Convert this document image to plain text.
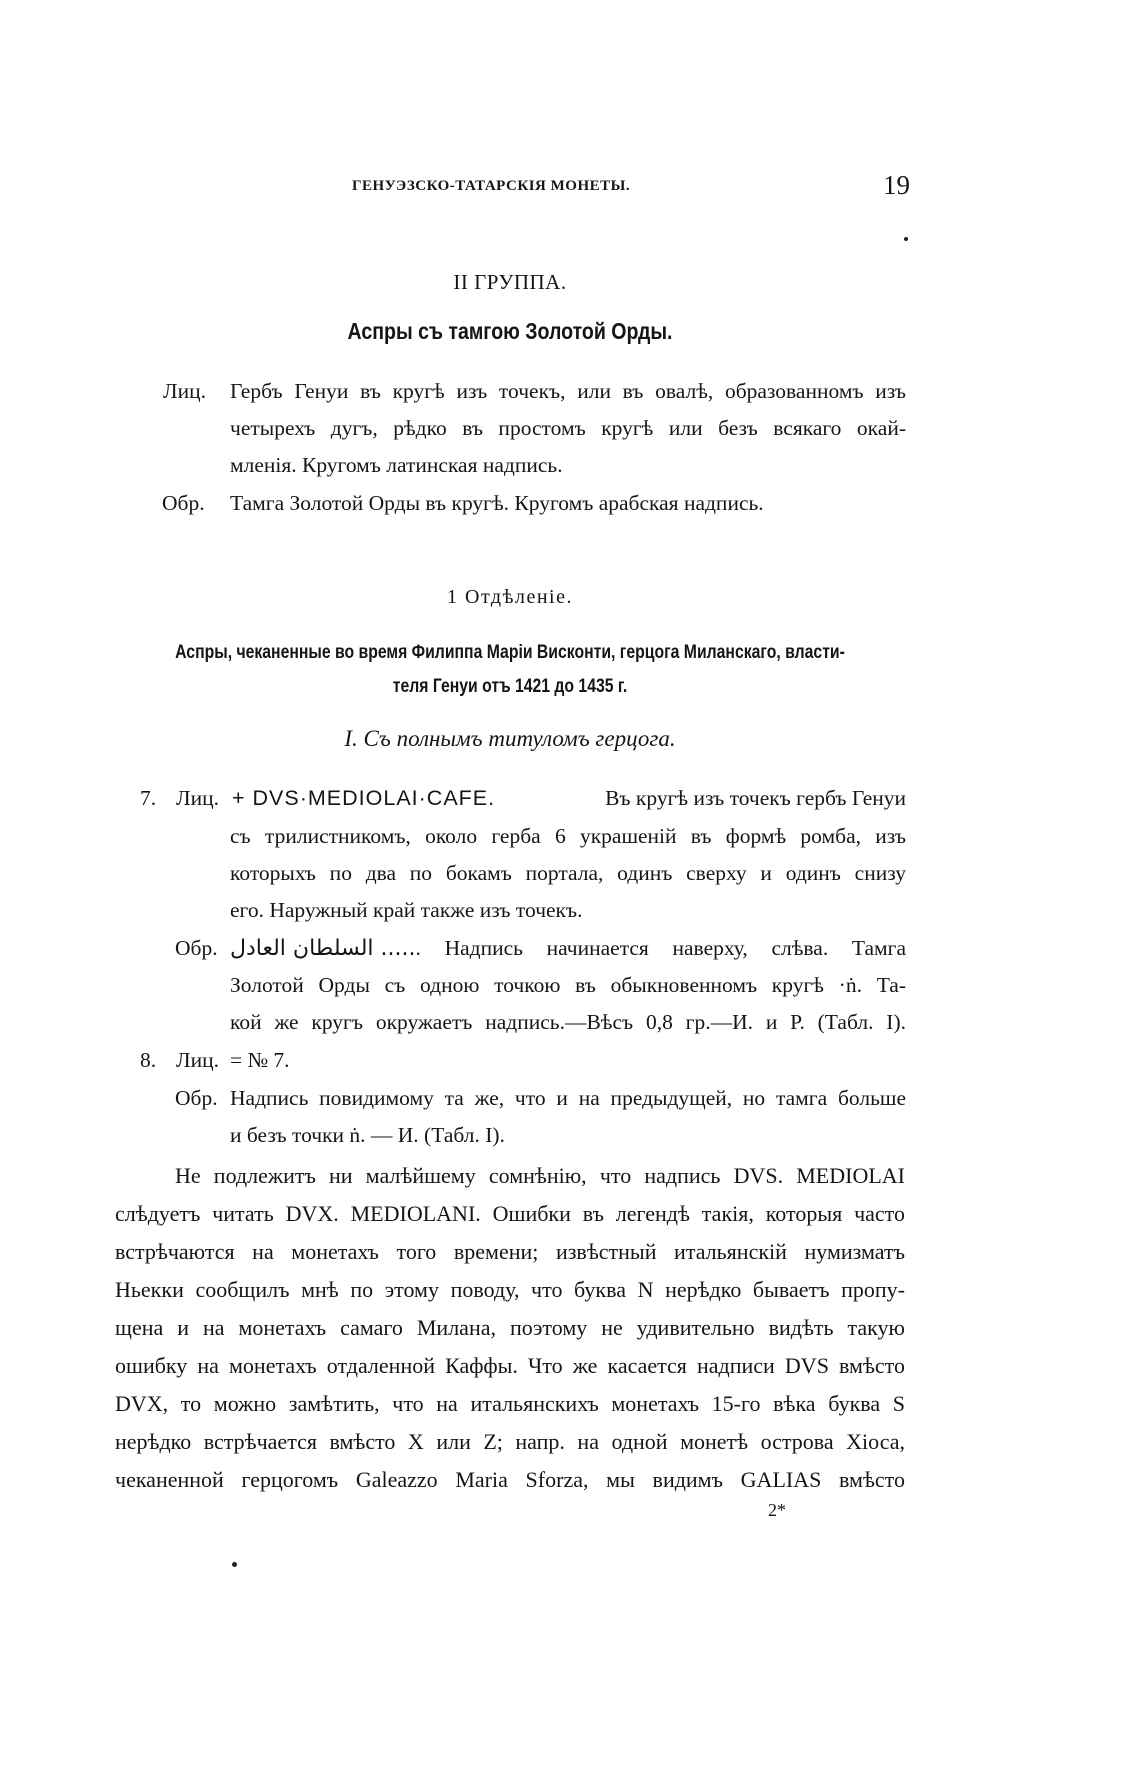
ГЕНУЭЗСКО-ТАТАРСКІЯ МОНЕТЫ.	19
II ГРУППА.
Аспры съ тамгою Золотой Орды.
Лиц. Гербъ Генуи въ кругѣ изъ точекъ, или въ овалѣ, образованномъ изъ
четырехъ дугъ, рѣдко въ простомъ кругѣ или безъ всякаго окай-
мленія. Кругомъ латинская надпись.
Обр. Тамга Золотой Орды въ кругѣ. Кругомъ арабская надпись.
1 Отдѣленіе.
Аспры, чеканенные во время Филиппа Маріи Висконти, герцога Миланскаго, власти-
теля Генуи отъ 1421 до 1435 г.
I. Съ полнымъ титуломъ герцога.
7. Лиц. + DVS·MEDIOLAI·CAFE.	Въ кругѣ изъ точекъ гербъ Генуи
съ трилистникомъ, около герба 6 украшеній въ формѣ ромба, изъ
которыхъ по два по бокамъ портала, одинъ сверху и одинъ снизу
его. Наружный край также изъ точекъ.
Обр. ..... السلطان العادل . Надпись начинается наверху, слѣва. Тамга
Золотой Орды съ одною точкою въ обыкновенномъ кругѣ ·ṅ. Та-
кой же кругъ окружаетъ надпись.—Вѣсъ 0,8 гр.—И. и Р. (Табл. I).
8. Лиц. = № 7.
Обр. Надпись повидимому та же, что и на предыдущей, но тамга больше
и безъ точки ṅ. — И. (Табл. I).
Не подлежитъ ни малѣйшему сомнѣнію, что надпись DVS. MEDIOLAI
слѣдуетъ читать DVX. MEDIOLANI. Ошибки въ легендѣ такія, которыя часто
встрѣчаются на монетахъ того времени; извѣстный итальянскій нумизматъ
Ньекки сообщилъ мнѣ по этому поводу, что буква N нерѣдко бываетъ пропу-
щена и на монетахъ самаго Милана, поэтому не удивительно видѣть такую
ошибку на монетахъ отдаленной Каффы. Что же касается надписи DVS вмѣсто
DVX, то можно замѣтить, что на итальянскихъ монетахъ 15-го вѣка буква S
нерѣдко встрѣчается вмѣсто X или Z; напр. на одной монетѣ острова Хіоса,
чеканенной герцогомъ Galeazzo Maria Sforza, мы видимъ GALIAS вмѣсто
2*
